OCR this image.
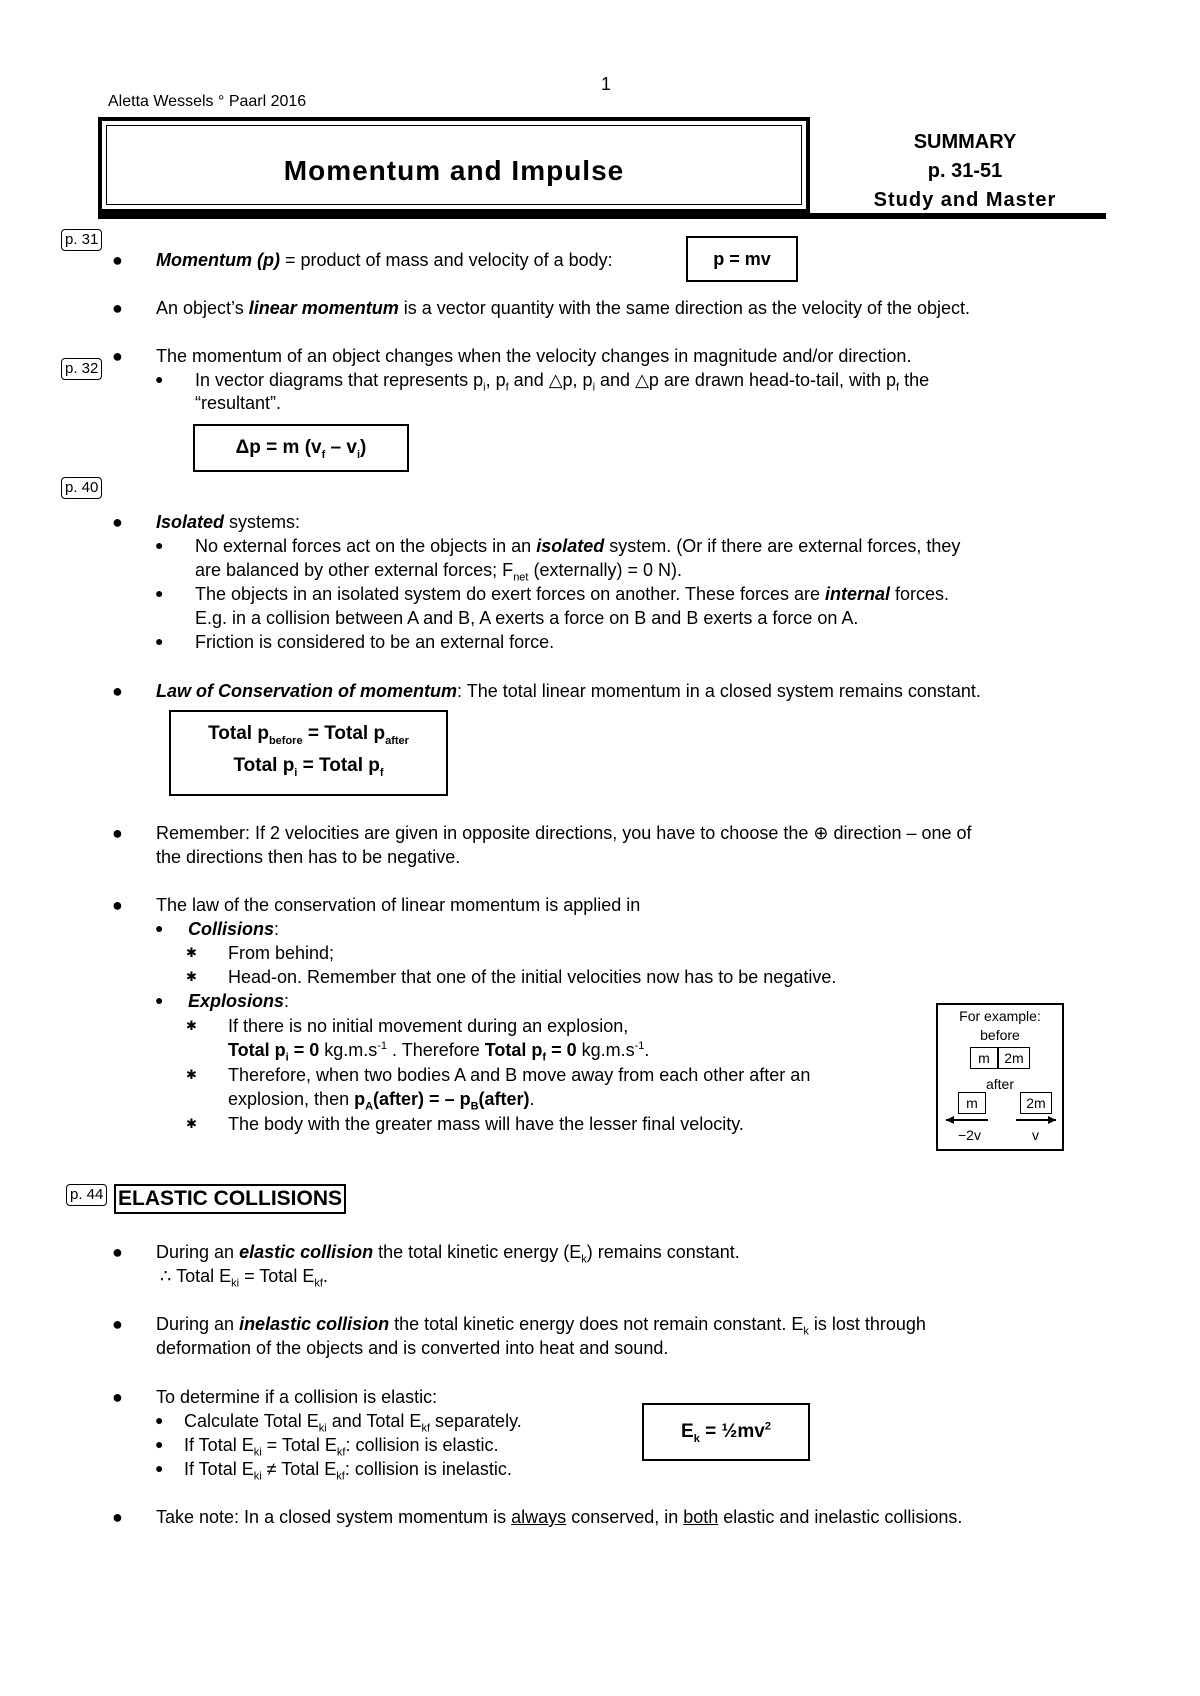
1
Aletta Wessels ° Paarl 2016
Momentum and Impulse
SUMMARY
p. 31-51
Study and Master
p. 31
p. 32
p. 40
p. 44
● Momentum (p) = product of mass and velocity of a body:	p = mv
● An object’s linear momentum is a vector quantity with the same direction as the velocity of the object.
● The momentum of an object changes when the velocity changes in magnitude and/or direction.
● In vector diagrams that represents $p_i$, $p_f$ and △p, $p_i$ and △p are drawn head-to-tail, with $p_f$ the
“resultant”.
Δp = m $(v_f - v_i)$
● Isolated systems:
● No external forces act on the objects in an isolated system. (Or if there are external forces, they
are balanced by other external forces; $F_{net}$ (externally) = 0 N).
● The objects in an isolated system do exert forces on another. These forces are internal forces.
E.g. in a collision between A and B, A exerts a force on B and B exerts a force on A.
● Friction is considered to be an external force.
● Law of Conservation of momentum: The total linear momentum in a closed system remains constant.
Total $p_{before}$ = Total $p_{after}$
Total $p_i$ = Total $p_f$
● Remember: If 2 velocities are given in opposite directions, you have to choose the ⊕ direction – one of
the directions then has to be negative.
● The law of the conservation of linear momentum is applied in
● Collisions:
✱ From behind;
✱ Head-on. Remember that one of the initial velocities now has to be negative.
● Explosions:
✱ If there is no initial movement during an explosion,
Total $p_i = 0$ $kg.m.s^{-1}$ . Therefore Total $p_f = 0$ $kg.m.s^{-1}$.
✱ Therefore, when two bodies A and B move away from each other after an
explosion, then $p_A(after)$ = – $p_B(after)$.
✱ The body with the greater mass will have the lesser final velocity.
For example:
before
m	2m
after
m	2m
−2v	v
ELASTIC COLLISIONS
● During an elastic collision the total kinetic energy $(E_k)$ remains constant.
∴ Total $E_{ki}$ = Total $E_{kf}$.
● During an inelastic collision the total kinetic energy does not remain constant. $E_k$ is lost through
deformation of the objects and is converted into heat and sound.
● To determine if a collision is elastic:
● Calculate Total $E_{ki}$ and Total $E_{kf}$ separately.
● If Total $E_{ki}$ = Total $E_{kf}$: collision is elastic.
● If Total $E_{ki}$ ≠ Total $E_{kf}$: collision is inelastic.
$E_k$ = $\frac{1}{2}mv^2$
● Take note: In a closed system momentum is always conserved, in both elastic and inelastic collisions.
